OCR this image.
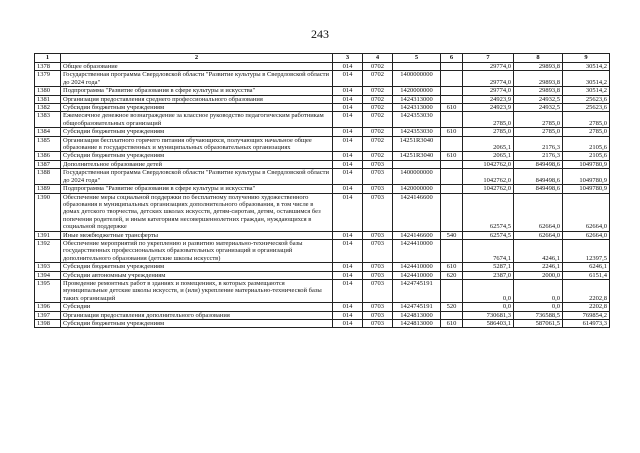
243
1	2	3	4	5	6	7	8	9
1378	Общее образование	014	0702			29774,0	29893,8	30514,2
1379	Государственная программа Свердловской области "Развитие культуры в Свердловской области до 2024 года"	014	0702	1400000000		29774,0	29893,8	30514,2
1380	Подпрограмма "Развитие образования в сфере культуры и искусства"	014	0702	1420000000		29774,0	29893,8	30514,2
1381	Организация предоставления среднего профессионального образования	014	0702	1424313000		24923,9	24932,5	25623,6
1382	Субсидии бюджетным учреждениям	014	0702	1424313000	610	24923,9	24932,5	25623,6
1383	Ежемесячное денежное вознаграждение за классное руководство педагогическим работникам общеобразовательных организаций	014	0702	1424353030		2785,0	2785,0	2785,0
1384	Субсидии бюджетным учреждениям	014	0702	1424353030	610	2785,0	2785,0	2785,0
1385	Организация бесплатного горячего питания обучающихся, получающих начальное общее образование в государственных и муниципальных образовательных организациях	014	0702	14251R3040		2065,1	2176,3	2105,6
1386	Субсидии бюджетным учреждениям	014	0702	14251R3040	610	2065,1	2176,3	2105,6
1387	Дополнительное образование детей	014	0703			1042762,0	849498,6	1049780,9
1388	Государственная программа Свердловской области "Развитие культуры в Свердловской области до 2024 года"	014	0703	1400000000		1042762,0	849498,6	1049780,9
1389	Подпрограмма "Развитие образования в сфере культуры и искусства"	014	0703	1420000000		1042762,0	849498,6	1049780,9
1390	Обеспечение меры социальной поддержки по бесплатному получению художественного образования в муниципальных организациях дополнительного образования, в том числе в домах детского творчества, детских школах искусств, детям-сиротам, детям, оставшимся без попечения родителей, и иным категориям несовершеннолетних граждан, нуждающихся в социальной поддержке	014	0703	1424146600		62574,5	62664,0	62664,0
1391	Иные межбюджетные трансферты	014	0703	1424146600	540	62574,5	62664,0	62664,0
1392	Обеспечение мероприятий по укреплению и развитию материально-технической базы государственных профессиональных образовательных организаций и организаций дополнительного образования (детские школы искусств)	014	0703	1424410000		7674,1	4246,1	12397,5
1393	Субсидии бюджетным учреждениям	014	0703	1424410000	610	5287,1	2246,1	6246,1
1394	Субсидии автономным учреждениям	014	0703	1424410000	620	2387,0	2000,0	6151,4
1395	Проведение ремонтных работ в зданиях и помещениях, в которых размещаются муниципальные детские школы искусств, и (или) укрепление материально-технической базы таких организаций	014	0703	1424745191		0,0	0,0	2202,8
1396	Субсидии	014	0703	1424745191	520	0,0	0,0	2202,8
1397	Организация предоставления дополнительного образования	014	0703	1424813000		730681,3	736588,5	769854,2
1398	Субсидии бюджетным учреждениям	014	0703	1424813000	610	586403,1	587061,5	614973,3
